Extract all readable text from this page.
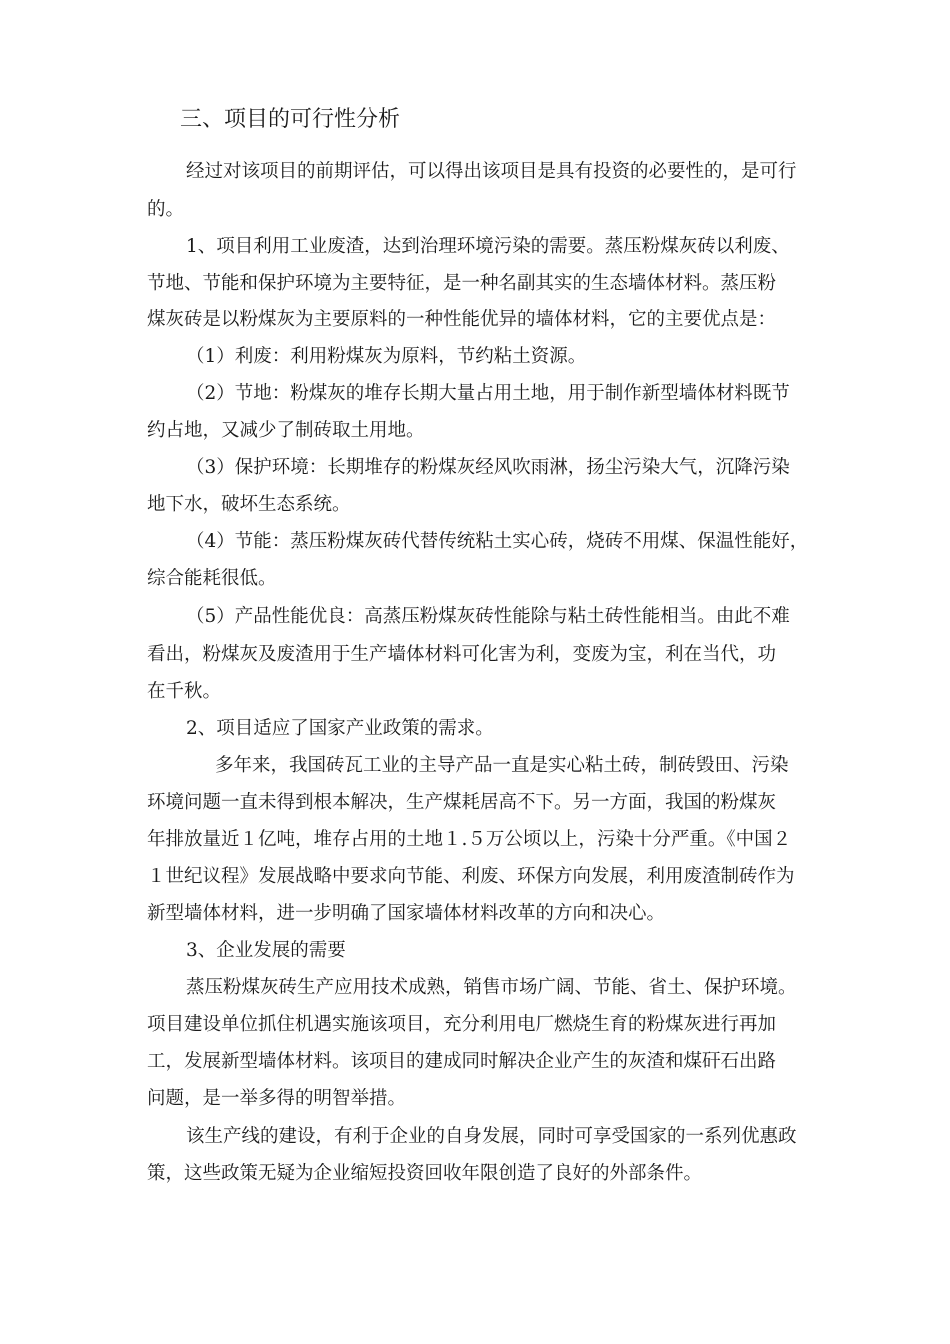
三、项目的可行性分析
经过对该项目的前期评估，可以得出该项目是具有投资的必要性的，是可行
的。
1、项目利用工业废渣，达到治理环境污染的需要。蒸压粉煤灰砖以利废、
节地、节能和保护环境为主要特征，是一种名副其实的生态墙体材料。蒸压粉
煤灰砖是以粉煤灰为主要原料的一种性能优异的墙体材料，它的主要优点是：
（1）利废：利用粉煤灰为原料，节约粘土资源。
（2）节地：粉煤灰的堆存长期大量占用土地，用于制作新型墙体材料既节
约占地，又减少了制砖取土用地。
（3）保护环境：长期堆存的粉煤灰经风吹雨淋，扬尘污染大气，沉降污染
地下水，破坏生态系统。
（4）节能：蒸压粉煤灰砖代替传统粘土实心砖，烧砖不用煤、保温性能好，
综合能耗很低。
（5）产品性能优良：高蒸压粉煤灰砖性能除与粘土砖性能相当。由此不难
看出，粉煤灰及废渣用于生产墙体材料可化害为利，变废为宝，利在当代，功
在千秋。
2、项目适应了国家产业政策的需求。
多年来，我国砖瓦工业的主导产品一直是实心粘土砖，制砖毁田、污染
环境问题一直未得到根本解决，生产煤耗居高不下。另一方面，我国的粉煤灰
年排放量近１亿吨，堆存占用的土地１.５万公顷以上，污染十分严重。《中国２
１世纪议程》发展战略中要求向节能、利废、环保方向发展，利用废渣制砖作为
新型墙体材料，进一步明确了国家墙体材料改革的方向和决心。
3、企业发展的需要
蒸压粉煤灰砖生产应用技术成熟，销售市场广阔、节能、省土、保护环境。
项目建设单位抓住机遇实施该项目，充分利用电厂燃烧生育的粉煤灰进行再加
工，发展新型墙体材料。该项目的建成同时解决企业产生的灰渣和煤矸石出路
问题，是一举多得的明智举措。
该生产线的建设，有利于企业的自身发展，同时可享受国家的一系列优惠政
策，这些政策无疑为企业缩短投资回收年限创造了良好的外部条件。
